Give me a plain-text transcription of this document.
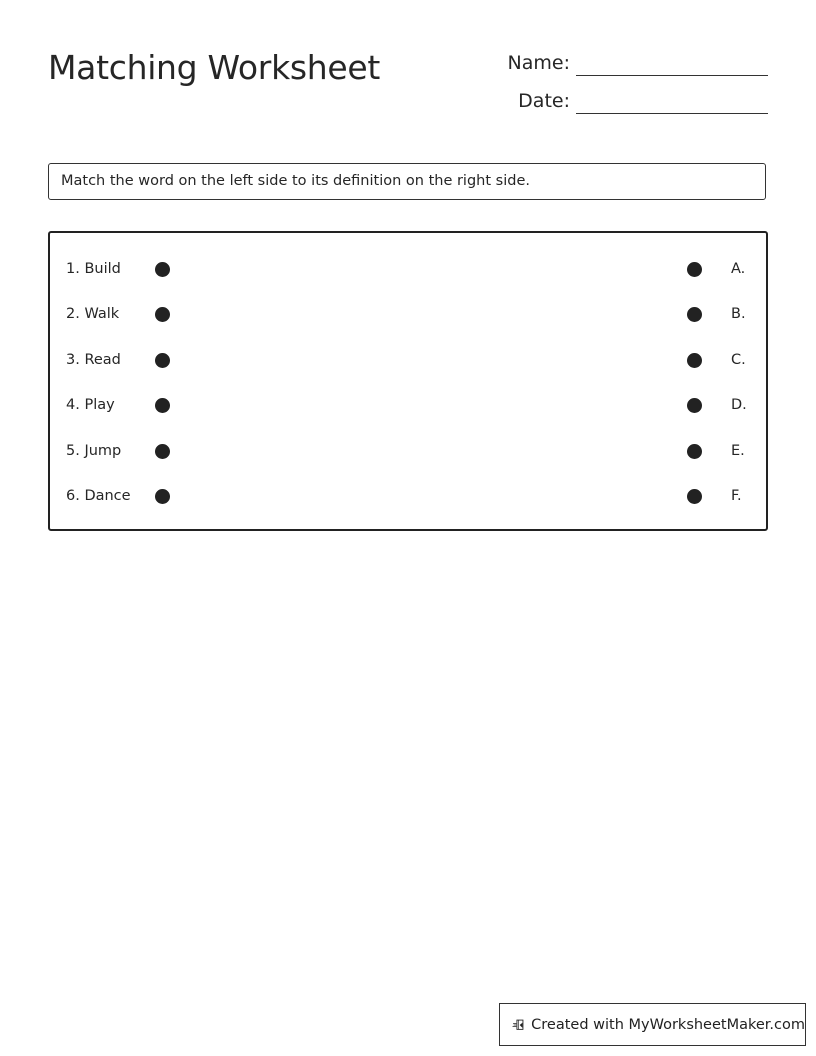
Matching Worksheet	Name:
Date:
Match the word on the left side to its definition on the right side.
1. Build	A.
2. Walk	B.
3. Read	C.
4. Play	D.
5. Jump	E.
6. Dance	F.
Created with MyWorksheetMaker.com
